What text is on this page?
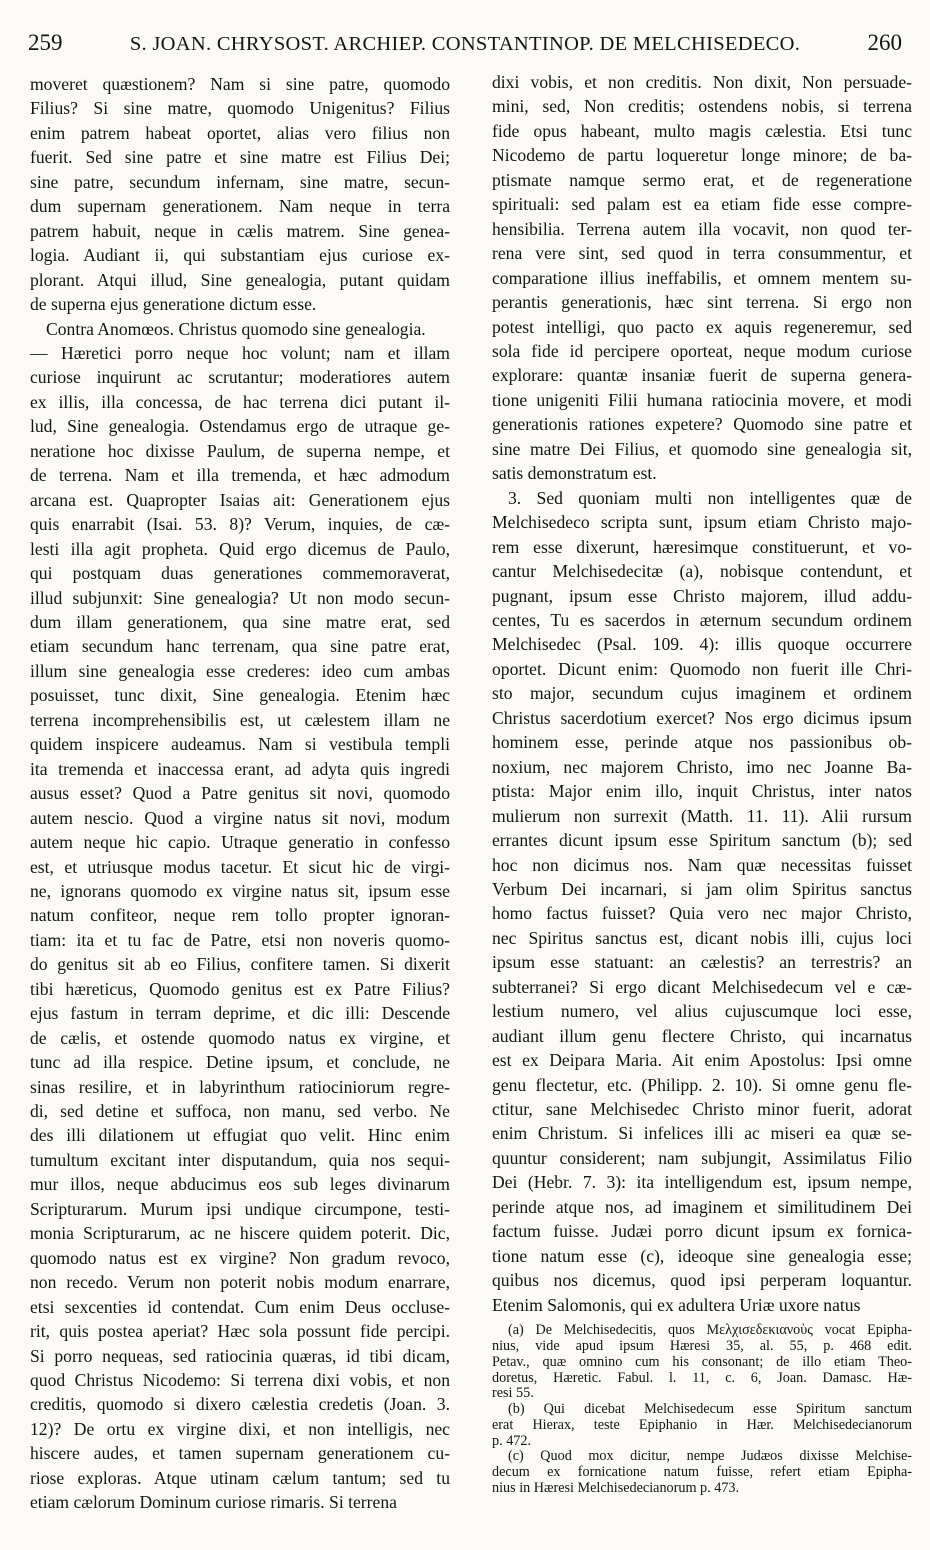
259	S. JOAN. CHRYSOST. ARCHIEP. CONSTANTINOP. DE MELCHISEDECO.	260
moveret quæstionem? Nam si sine patre, quomodo
Filius? Si sine matre, quomodo Unigenitus? Filius
enim patrem habeat oportet, alias vero filius non
fuerit. Sed sine patre et sine matre est Filius Dei;
sine patre, secundum infernam, sine matre, secun-
dum supernam generationem. Nam neque in terra
patrem habuit, neque in cælis matrem. Sine genea-
logia. Audiant ii, qui substantiam ejus curiose ex-
plorant. Atqui illud, Sine genealogia, putant quidam
de superna ejus generatione dictum esse.
Contra Anomœos. Christus quomodo sine genealogia.
— Hæretici porro neque hoc volunt; nam et illam
curiose inquirunt ac scrutantur; moderatiores autem
ex illis, illa concessa, de hac terrena dici putant il-
lud, Sine genealogia. Ostendamus ergo de utraque ge-
neratione hoc dixisse Paulum, de superna nempe, et
de terrena. Nam et illa tremenda, et hæc admodum
arcana est. Quapropter Isaias ait: Generationem ejus
quis enarrabit (Isai. 53. 8)? Verum, inquies, de cæ-
lesti illa agit propheta. Quid ergo dicemus de Paulo,
qui postquam duas generationes commemoraverat,
illud subjunxit: Sine genealogia? Ut non modo secun-
dum illam generationem, qua sine matre erat, sed
etiam secundum hanc terrenam, qua sine patre erat,
illum sine genealogia esse crederes: ideo cum ambas
posuisset, tunc dixit, Sine genealogia. Etenim hæc
terrena incomprehensibilis est, ut cælestem illam ne
quidem inspicere audeamus. Nam si vestibula templi
ita tremenda et inaccessa erant, ad adyta quis ingredi
ausus esset? Quod a Patre genitus sit novi, quomodo
autem nescio. Quod a virgine natus sit novi, modum
autem neque hic capio. Utraque generatio in confesso
est, et utriusque modus tacetur. Et sicut hic de virgi-
ne, ignorans quomodo ex virgine natus sit, ipsum esse
natum confiteor, neque rem tollo propter ignoran-
tiam: ita et tu fac de Patre, etsi non noveris quomo-
do genitus sit ab eo Filius, confitere tamen. Si dixerit
tibi hæreticus, Quomodo genitus est ex Patre Filius?
ejus fastum in terram deprime, et dic illi: Descende
de cælis, et ostende quomodo natus ex virgine, et
tunc ad illa respice. Detine ipsum, et conclude, ne
sinas resilire, et in labyrinthum ratiociniorum regre-
di, sed detine et suffoca, non manu, sed verbo. Ne
des illi dilationem ut effugiat quo velit. Hinc enim
tumultum excitant inter disputandum, quia nos sequi-
mur illos, neque abducimus eos sub leges divinarum
Scripturarum. Murum ipsi undique circumpone, testi-
monia Scripturarum, ac ne hiscere quidem poterit. Dic,
quomodo natus est ex virgine? Non gradum revoco,
non recedo. Verum non poterit nobis modum enarrare,
etsi sexcenties id contendat. Cum enim Deus occluse-
rit, quis postea aperiat? Hæc sola possunt fide percipi.
Si porro nequeas, sed ratiocinia quæras, id tibi dicam,
quod Christus Nicodemo: Si terrena dixi vobis, et non
creditis, quomodo si dixero cælestia credetis (Joan. 3.
12)? De ortu ex virgine dixi, et non intelligis, nec
hiscere audes, et tamen supernam generationem cu-
riose exploras. Atque utinam cælum tantum; sed tu
etiam cælorum Dominum curiose rimaris. Si terrena
dixi vobis, et non creditis. Non dixit, Non persuade-
mini, sed, Non creditis; ostendens nobis, si terrena
fide opus habeant, multo magis cælestia. Etsi tunc
Nicodemo de partu loqueretur longe minore; de ba-
ptismate namque sermo erat, et de regeneratione
spirituali: sed palam est ea etiam fide esse compre-
hensibilia. Terrena autem illa vocavit, non quod ter-
rena vere sint, sed quod in terra consummentur, et
comparatione illius ineffabilis, et omnem mentem su-
perantis generationis, hæc sint terrena. Si ergo non
potest intelligi, quo pacto ex aquis regeneremur, sed
sola fide id percipere oporteat, neque modum curiose
explorare: quantæ insaniæ fuerit de superna genera-
tione unigeniti Filii humana ratiocinia movere, et modi
generationis rationes expetere? Quomodo sine patre et
sine matre Dei Filius, et quomodo sine genealogia sit,
satis demonstratum est.
3. Sed quoniam multi non intelligentes quæ de
Melchisedeco scripta sunt, ipsum etiam Christo majo-
rem esse dixerunt, hæresimque constituerunt, et vo-
cantur Melchisedecitæ (a), nobisque contendunt, et
pugnant, ipsum esse Christo majorem, illud addu-
centes, Tu es sacerdos in æternum secundum ordinem
Melchisedec (Psal. 109. 4): illis quoque occurrere
oportet. Dicunt enim: Quomodo non fuerit ille Chri-
sto major, secundum cujus imaginem et ordinem
Christus sacerdotium exercet? Nos ergo dicimus ipsum
hominem esse, perinde atque nos passionibus ob-
noxium, nec majorem Christo, imo nec Joanne Ba-
ptista: Major enim illo, inquit Christus, inter natos
mulierum non surrexit (Matth. 11. 11). Alii rursum
errantes dicunt ipsum esse Spiritum sanctum (b); sed
hoc non dicimus nos. Nam quæ necessitas fuisset
Verbum Dei incarnari, si jam olim Spiritus sanctus
homo factus fuisset? Quia vero nec major Christo,
nec Spiritus sanctus est, dicant nobis illi, cujus loci
ipsum esse statuant: an cælestis? an terrestris? an
subterranei? Si ergo dicant Melchisedecum vel e cæ-
lestium numero, vel alius cujuscumque loci esse,
audiant illum genu flectere Christo, qui incarnatus
est ex Deipara Maria. Ait enim Apostolus: Ipsi omne
genu flectetur, etc. (Philipp. 2. 10). Si omne genu fle-
ctitur, sane Melchisedec Christo minor fuerit, adorat
enim Christum. Si infelices illi ac miseri ea quæ se-
quuntur considerent; nam subjungit, Assimilatus Filio
Dei (Hebr. 7. 3): ita intelligendum est, ipsum nempe,
perinde atque nos, ad imaginem et similitudinem Dei
factum fuisse. Judæi porro dicunt ipsum ex fornica-
tione natum esse (c), ideoque sine genealogia esse;
quibus nos dicemus, quod ipsi perperam loquantur.
Etenim Salomonis, qui ex adultera Uriæ uxore natus
(a) De Melchisedecitis, quos Μελχισεδεκιανοὺς vocat Epipha-
nius, vide apud ipsum Hæresi 35, al. 55, p. 468 edit.
Petav., quæ omnino cum his consonant; de illo etiam Theo-
doretus, Hæretic. Fabul. l. 11, c. 6, Joan. Damasc. Hæ-
resi 55.
(b) Qui dicebat Melchisedecum esse Spiritum sanctum
erat Hierax, teste Epiphanio in Hær. Melchisedecianorum
p. 472.
(c) Quod mox dicitur, nempe Judæos dixisse Melchise-
decum ex fornicatione natum fuisse, refert etiam Epipha-
nius in Hæresi Melchisedecianorum p. 473.
